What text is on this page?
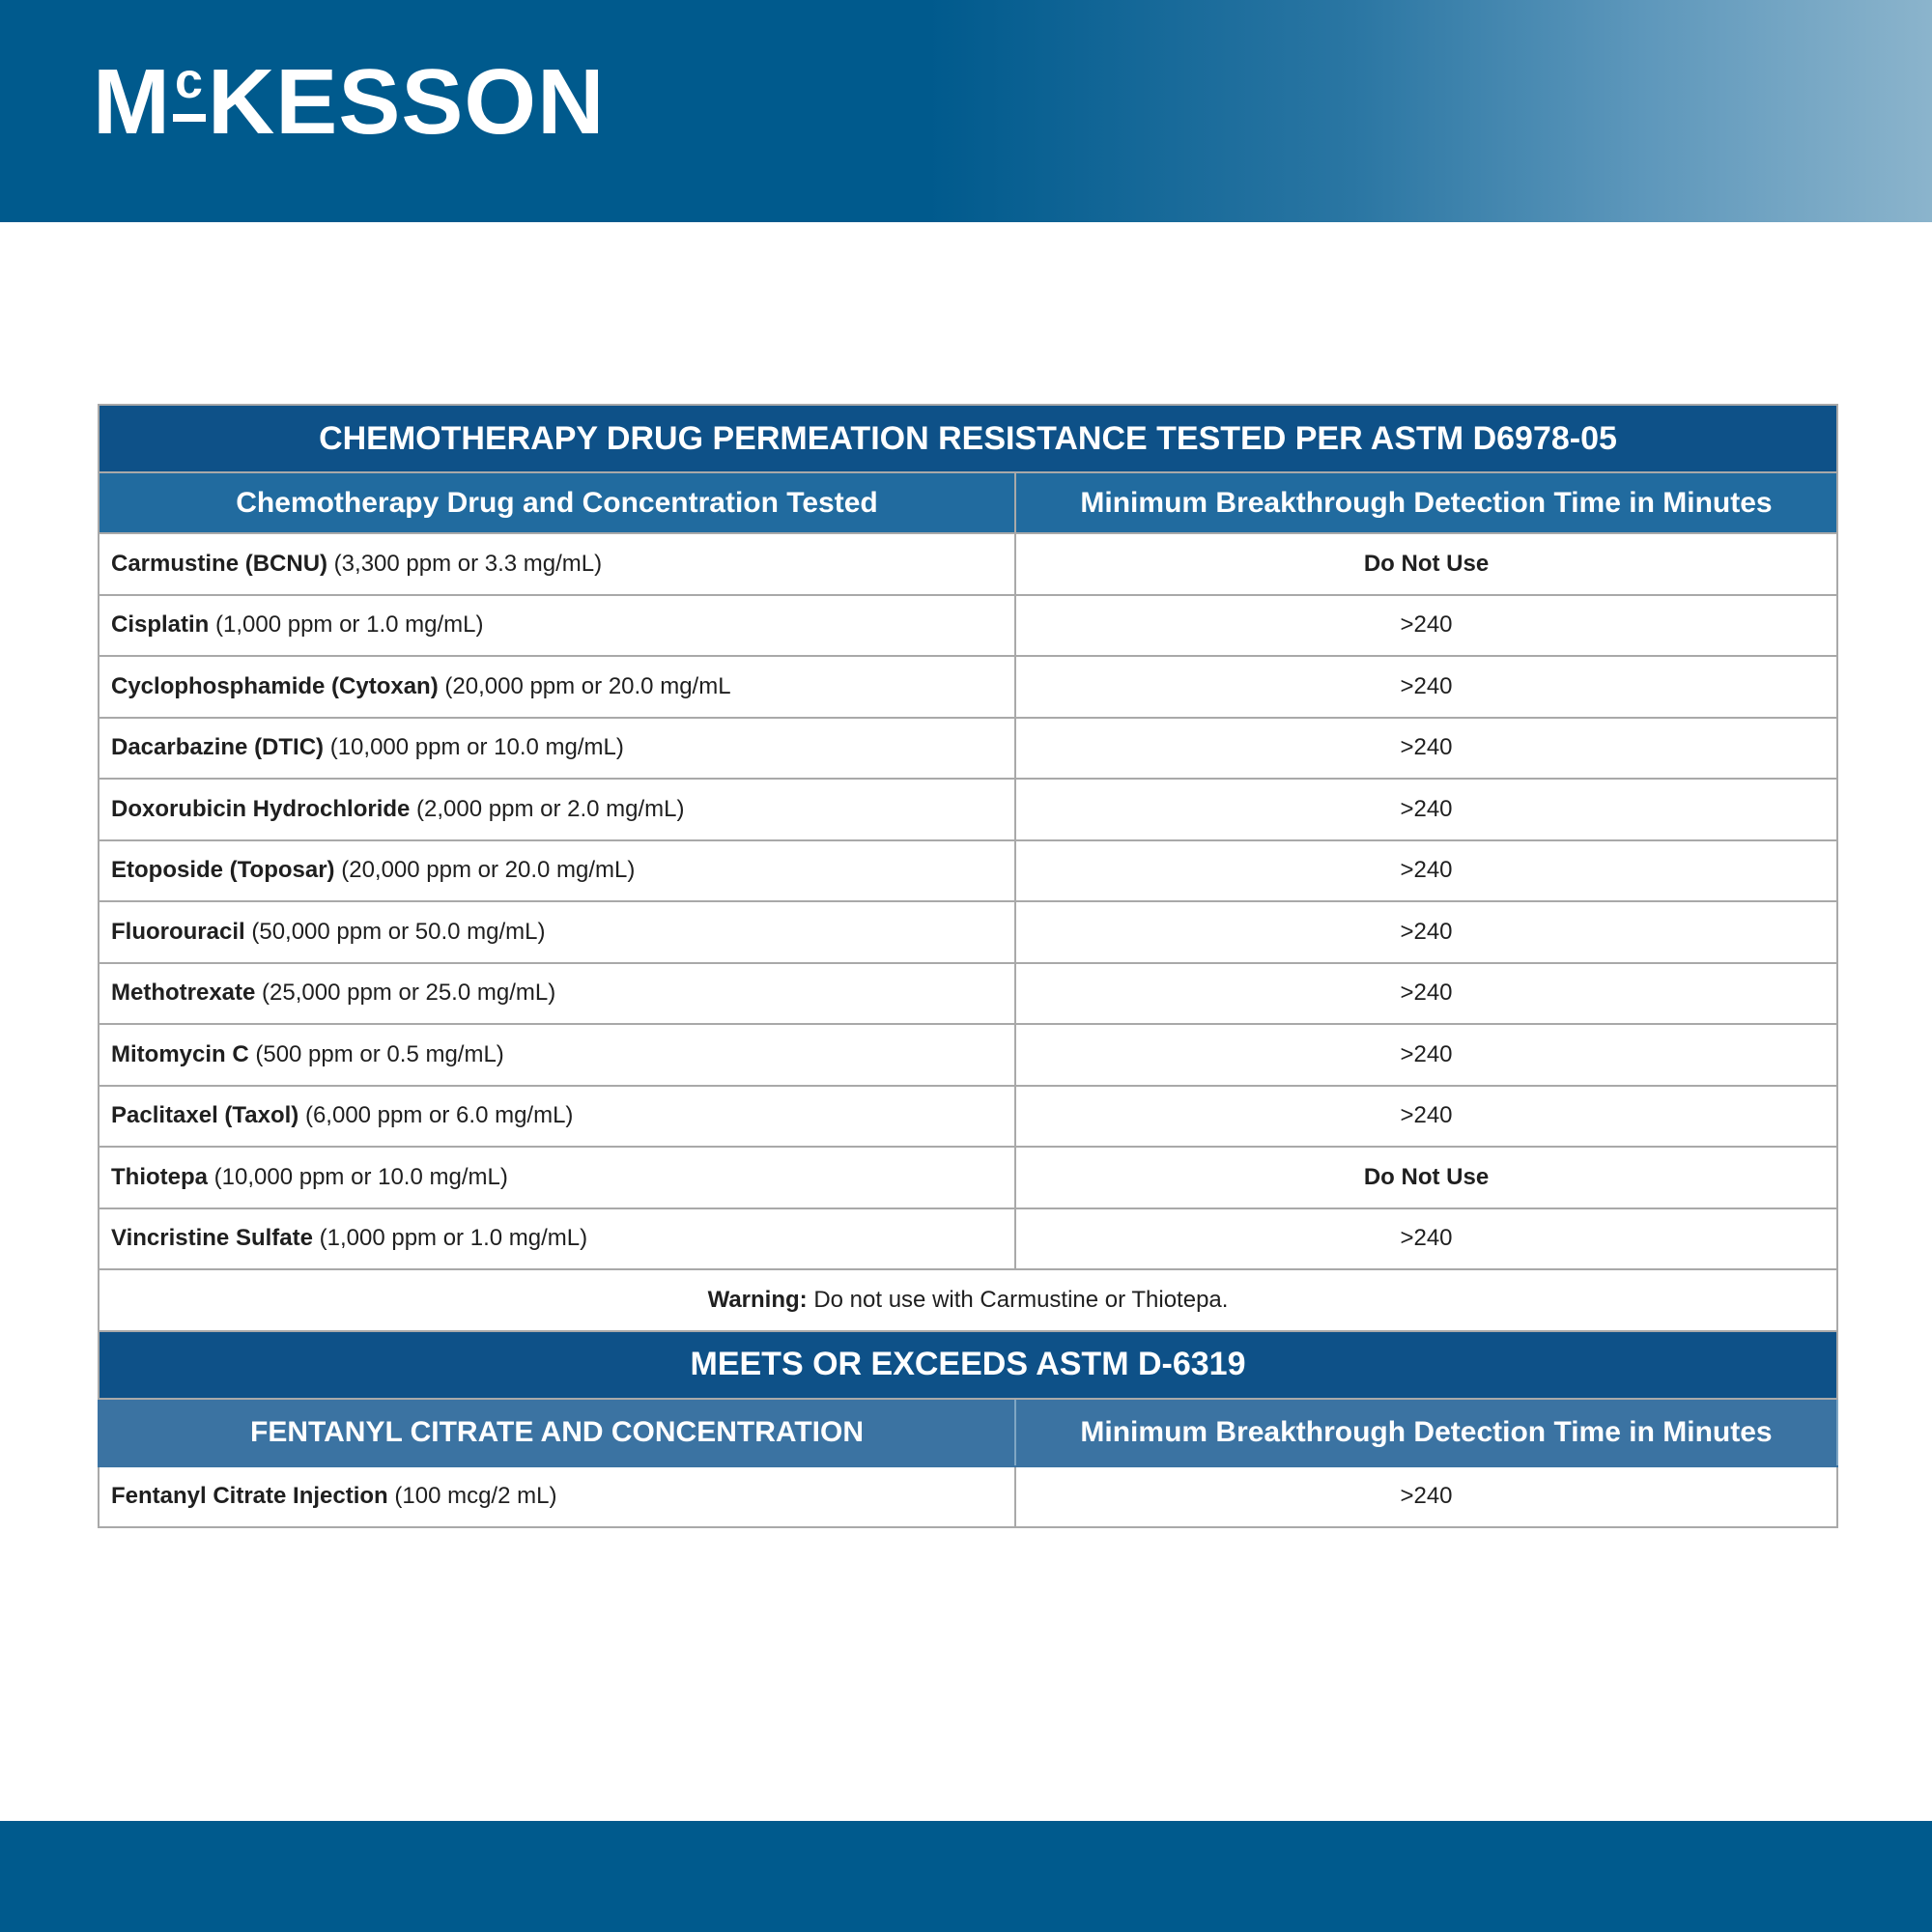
M c KESSON
CHEMOTHERAPY DRUG PERMEATION RESISTANCE TESTED PER ASTM D6978-05	
Chemotherapy Drug and Concentration Tested	Minimum Breakthrough Detection Time in Minutes
Carmustine (BCNU) (3,300 ppm or 3.3 mg/mL)	Do Not Use
Cisplatin (1,000 ppm or 1.0 mg/mL)	>240
Cyclophosphamide (Cytoxan) (20,000 ppm or 20.0 mg/mL	>240
Dacarbazine (DTIC) (10,000 ppm or 10.0 mg/mL)	>240
Doxorubicin Hydrochloride (2,000 ppm or 2.0 mg/mL)	>240
Etoposide (Toposar) (20,000 ppm or 20.0 mg/mL)	>240
Fluorouracil (50,000 ppm or 50.0 mg/mL)	>240
Methotrexate (25,000 ppm or 25.0 mg/mL)	>240
Mitomycin C (500 ppm or 0.5 mg/mL)	>240
Paclitaxel (Taxol) (6,000 ppm or 6.0 mg/mL)	>240
Thiotepa (10,000 ppm or 10.0 mg/mL)	Do Not Use
Vincristine Sulfate (1,000 ppm or 1.0 mg/mL)	>240
Warning: Do not use with Carmustine or Thiotepa.	
MEETS OR EXCEEDS ASTM D-6319	
FENTANYL CITRATE AND CONCENTRATION	Minimum Breakthrough Detection Time in Minutes
Fentanyl Citrate Injection (100 mcg/2 mL)	>240
